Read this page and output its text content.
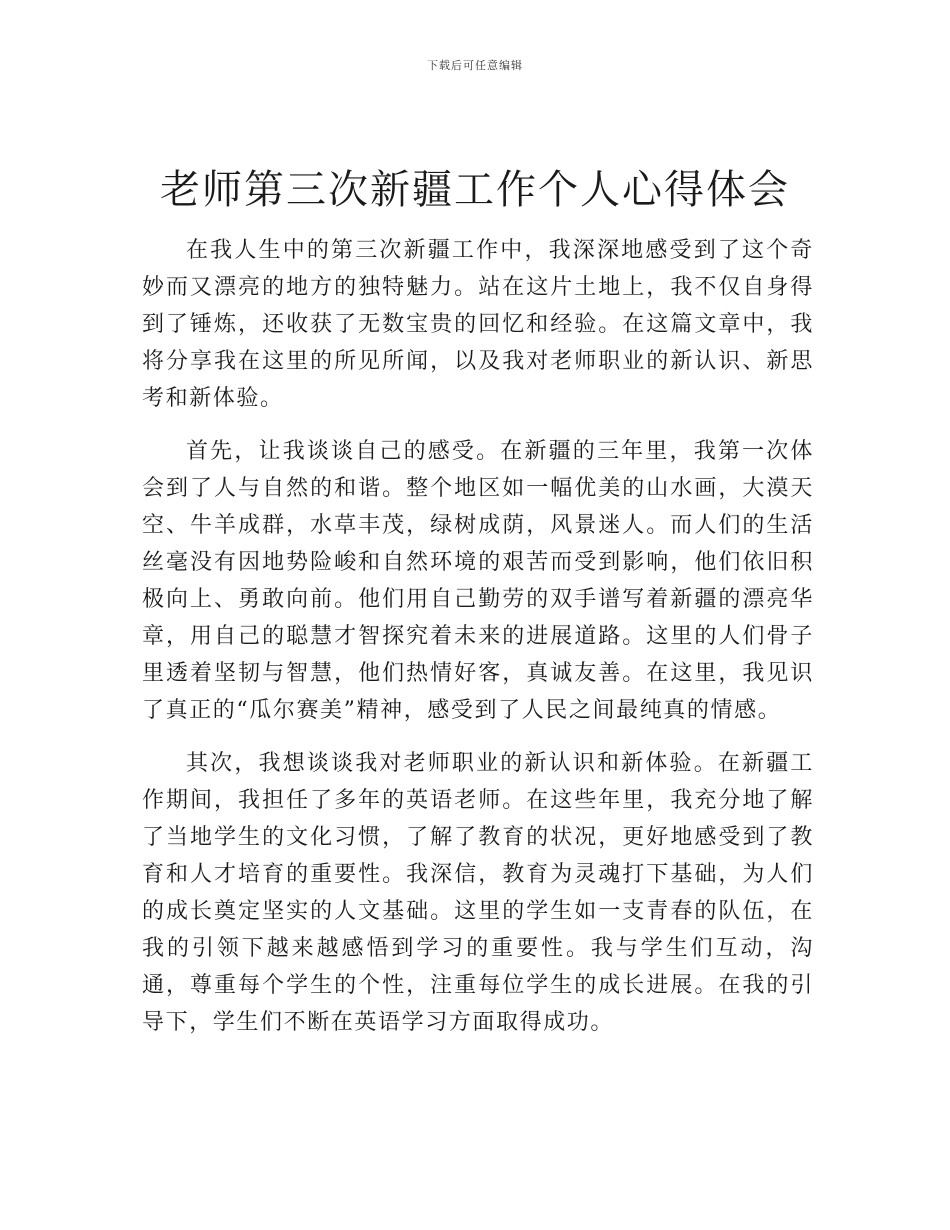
下载后可任意编辑
老师第三次新疆工作个人心得体会

在我人生中的第三次新疆工作中，我深深地感受到了这个奇妙而又漂亮的地方的独特魅力。站在这片土地上，我不仅自身得到了锤炼，还收获了无数宝贵的回忆和经验。在这篇文章中，我将分享我在这里的所见所闻，以及我对老师职业的新认识、新思考和新体验。

首先，让我谈谈自己的感受。在新疆的三年里，我第一次体会到了人与自然的和谐。整个地区如一幅优美的山水画，大漠天空、牛羊成群，水草丰茂，绿树成荫，风景迷人。而人们的生活丝毫没有因地势险峻和自然环境的艰苦而受到影响，他们依旧积极向上、勇敢向前。他们用自己勤劳的双手谱写着新疆的漂亮华章，用自己的聪慧才智探究着未来的进展道路。这里的人们骨子里透着坚韧与智慧，他们热情好客，真诚友善。在这里，我见识了真正的“瓜尔赛美”精神，感受到了人民之间最纯真的情感。

其次，我想谈谈我对老师职业的新认识和新体验。在新疆工作期间，我担任了多年的英语老师。在这些年里，我充分地了解了当地学生的文化习惯，了解了教育的状况，更好地感受到了教育和人才培育的重要性。我深信，教育为灵魂打下基础，为人们的成长奠定坚实的人文基础。这里的学生如一支青春的队伍，在我的引领下越来越感悟到学习的重要性。我与学生们互动，沟通，尊重每个学生的个性，注重每位学生的成长进展。在我的引导下，学生们不断在英语学习方面取得成功。
